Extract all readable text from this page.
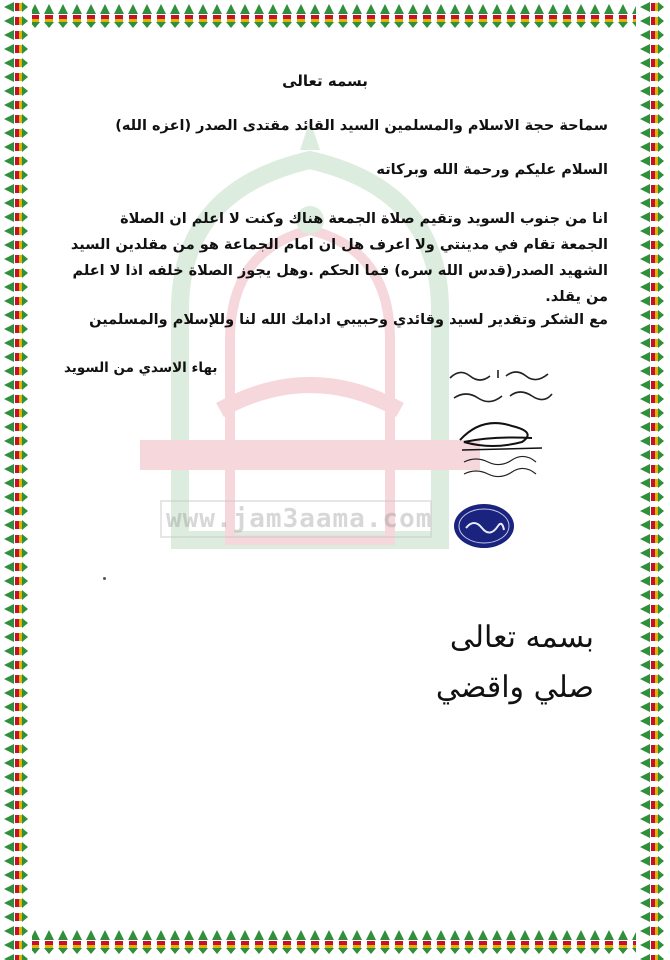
www.jam3aama.com
بسمه تعالى
سماحة حجة الاسلام والمسلمين السيد القائد مقتدى الصدر (اعزه الله)
السلام عليكم ورحمة الله وبركاته
انا من جنوب السويد وتقيم صلاة الجمعة هناك وكنت لا اعلم ان الصلاة الجمعة تقام في مدينتي ولا اعرف هل ان امام الجماعة هو من مقلدين السيد الشهيد الصدر(قدس الله سره) فما الحكم .وهل يجوز الصلاة خلفه اذا لا اعلم من يقلد.
مع الشكر وتقدير لسيد وقائدي وحبيبي ادامك الله لنا وللإسلام والمسلمين
بهاء الاسدي من السويد
بسمه تعالى
صلي واقضي
